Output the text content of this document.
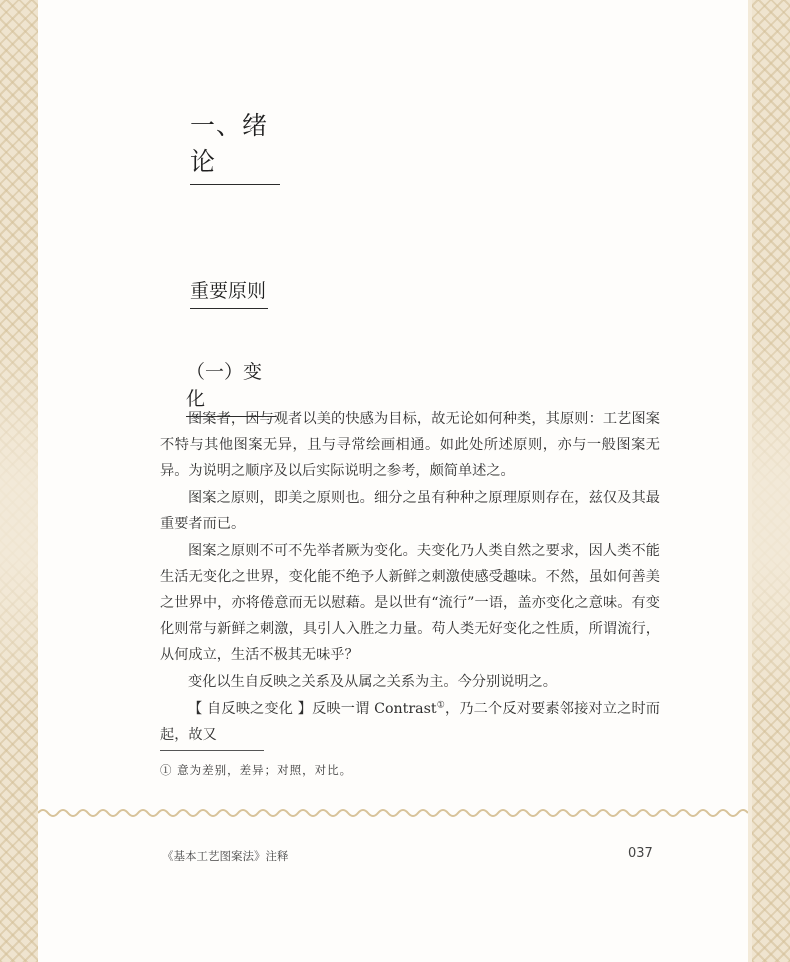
一、绪论
重要原则
（一）变化

图案者，因与观者以美的快感为目标，故无论如何种类，其原则：工艺图案不特与其他图案无异，且与寻常绘画相通。如此处所述原则，亦与一般图案无异。为说明之顺序及以后实际说明之参考，颇简单述之。

图案之原则，即美之原则也。细分之虽有种种之原理原则存在，兹仅及其最重要者而已。

图案之原则不可不先举者厥为变化。夫变化乃人类自然之要求，因人类不能生活无变化之世界，变化能不绝予人新鲜之刺激使感受趣味。不然，虽如何善美之世界中，亦将倦意而无以慰藉。是以世有“流行”一语，盖亦变化之意味。有变化则常与新鲜之刺激，具引人入胜之力量。苟人类无好变化之性质，所谓流行，从何成立，生活不极其无味乎？

变化以生自反映之关系及从属之关系为主。今分别说明之。

【 自反映之变化 】反映一谓 Contrast①，乃二个反对要素邻接对立之时而起，故又

① 意为差别，差异；对照，对比。
《基本工艺图案法》注释	037
